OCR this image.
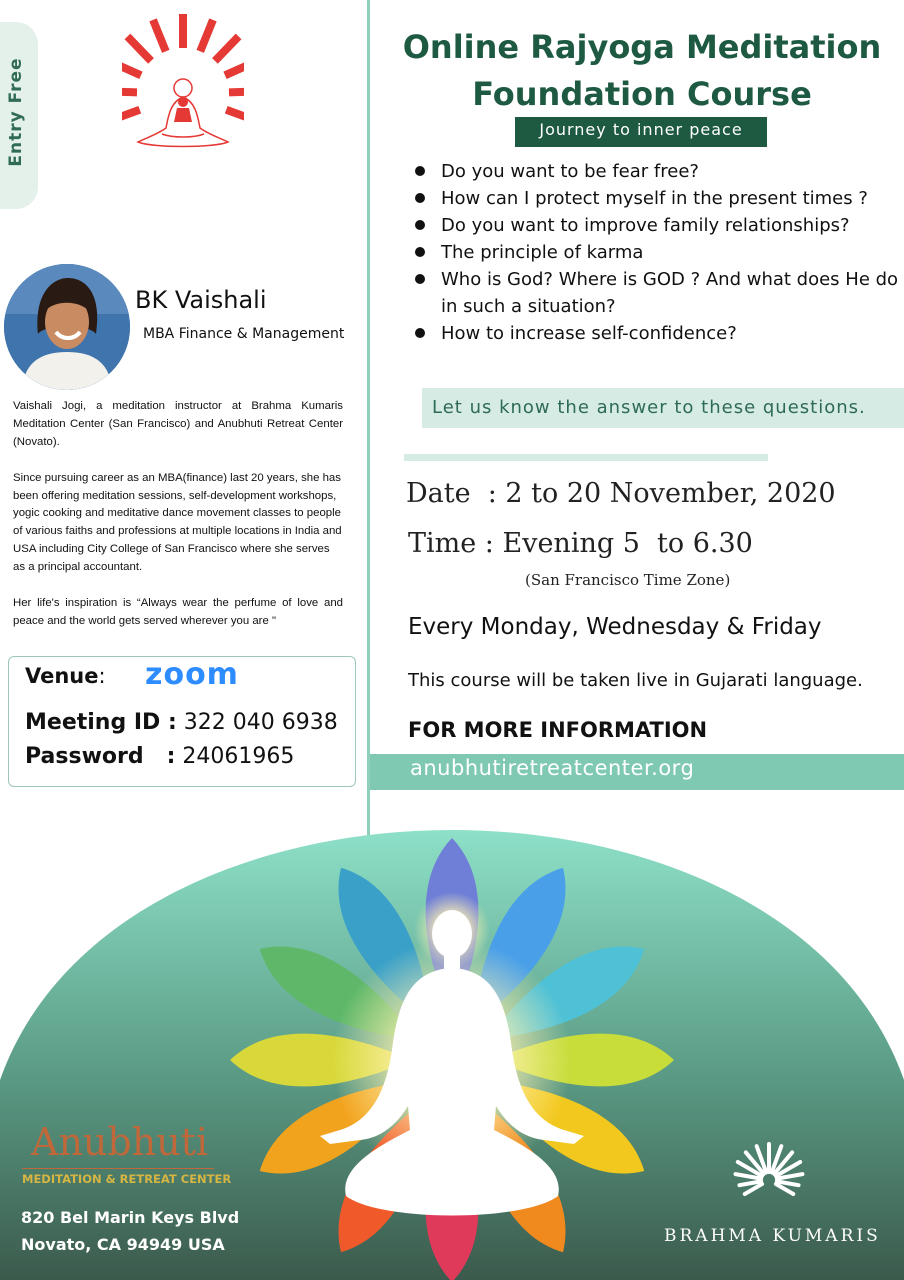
Entry Free
Online Rajyoga Meditation
Foundation Course
Journey to inner peace
Do you want to be fear free?
How can I protect myself in the present times ?
Do you want to improve family relationships?
The principle of karma
Who is God? Where is GOD ? And what does He do in such a situation?
How to increase self-confidence?
Let us know the answer to these questions.
Date  : 2 to 20 November, 2020
Time : Evening 5  to 6.30
(San Francisco Time Zone)
Every Monday, Wednesday & Friday
This course will be taken live in Gujarati language.
FOR MORE INFORMATION
anubhutiretreatcenter.org
BK Vaishali
MBA Finance & Management

Vaishali Jogi, a meditation instructor at Brahma Kumaris Meditation Center (San Francisco) and Anubhuti Retreat Center (Novato).

Since pursuing career as an MBA(finance) last 20 years, she has been offering meditation sessions, self-development workshops, yogic cooking and meditative dance movement classes to people of various faiths and professions at multiple locations in India and USA including City College of San Francisco where she serves as a principal accountant.

Her life's inspiration is “Always wear the perfume of love and peace and the world gets served wherever you are "

Venue: zoom
Meeting ID : 322 040 6938
Password   : 24061965
Anubhuti
MEDITATION & RETREAT CENTER
820 Bel Marin Keys Blvd
Novato, CA 94949 USA	BRAHMA KUMARIS
